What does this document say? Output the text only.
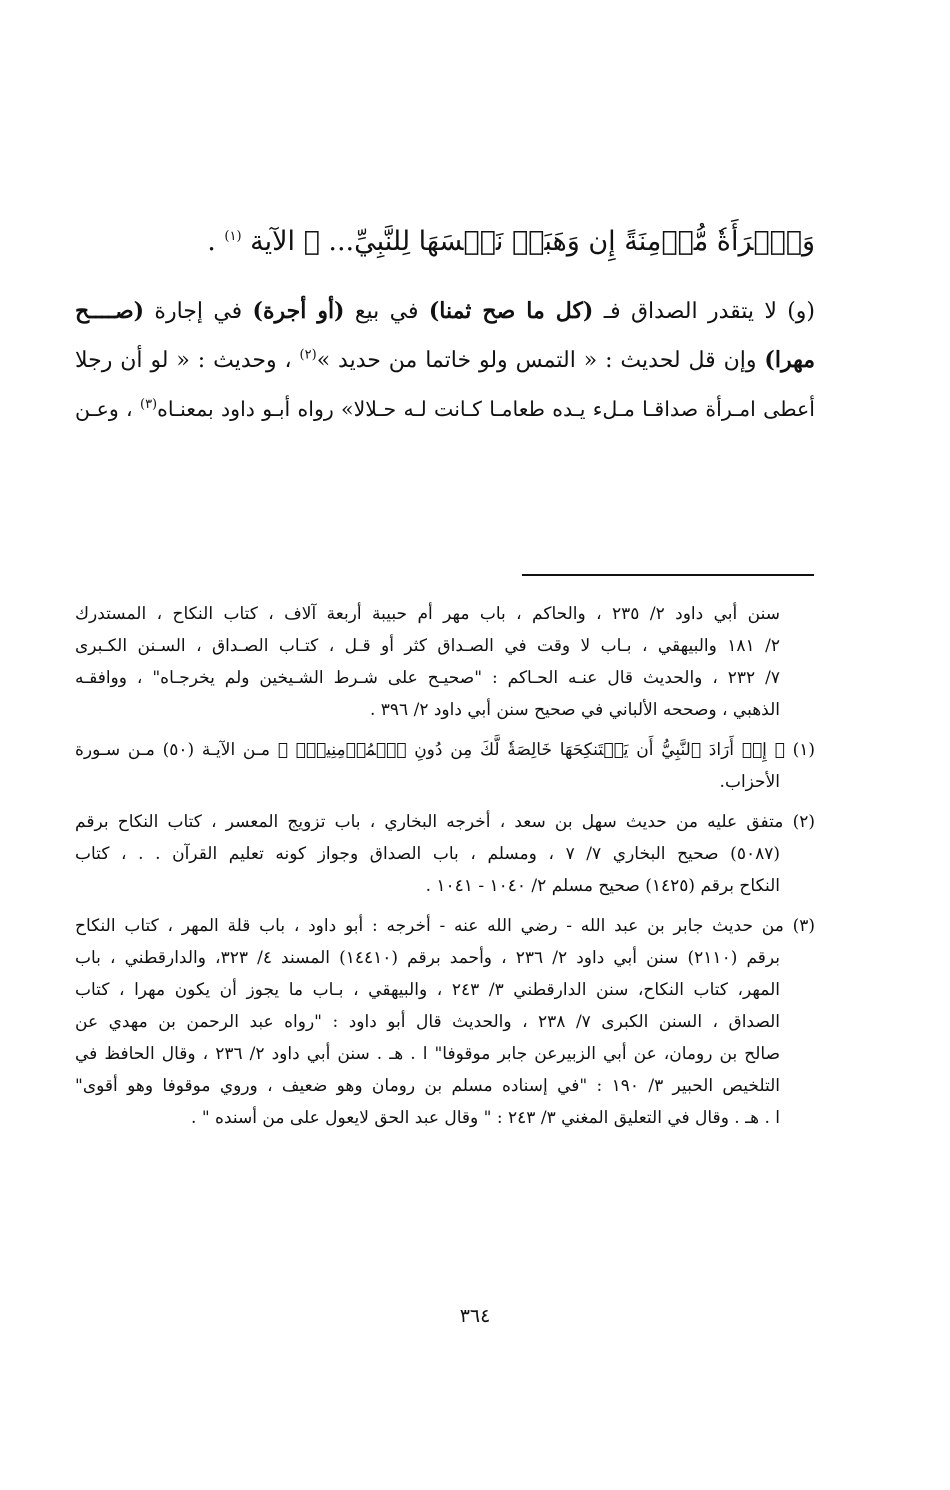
وَٱمۡرَأَةٗ مُّؤۡمِنَةً إِن وَهَبَتۡ نَفۡسَهَا لِلنَّبِيِّ... ﴾ الآية $^{(١)}$ .
(و) لا يتقدر الصداق فـ (كل ما صح ثمنا) في بيع (أو أجرة) في إجارة (صــــح
مهرا) وإن قل لحديث : « التمس ولو خاتما من حديد »$^{(٢)}$ ، وحديث : « لو أن رجلا
أعطى امـرأة صداقـا مـلء يـده طعامـا كـانت لـه حـلالا» رواه أبـو داود بمعنـاه$^{(٣)}$ ، وعـن
سنن أبي داود ٢/ ٢٣٥ ، والحاكم ، باب مهر أم حبيبة أربعة آلاف ، كتاب النكاح ، المستدرك
٢/ ١٨١ والبيهقي ، بـاب لا وقت في الصـداق كثر أو قـل ، كتـاب الصـداق ، السـنن الكـبرى
٧/ ٢٣٢ ، والحديث قال عنـه الحـاكم : "صحيـح على شـرط الشـيخين ولم يخرجـاه" ، ووافقـه
الذهبي ، وصححه الألباني في صحيح سنن أبي داود ٢/ ٣٩٦ .
(١) ﴿ إِنۡ أَرَادَ ٱلنَّبِيُّ أَن يَسۡتَنكِحَهَا خَالِصَةٗ لَّكَ مِن دُونِ ٱلۡمُؤۡمِنِينَۗ ﴾ مـن الآيـة (٥٠) مـن سـورة
الأحزاب.
(٢) متفق عليه من حديث سهل بن سعد ، أخرجه البخاري ، باب تزويج المعسر ، كتاب النكاح برقم
(٥٠٨٧) صحيح البخاري ٧/ ٧ ، ومسلم ، باب الصداق وجواز كونه تعليم القرآن . . ، كتاب
النكاح برقم (١٤٢٥) صحيح مسلم ٢/ ١٠٤٠ - ١٠٤١ .
(٣) من حديث جابر بن عبد الله - رضي الله عنه - أخرجه : أبو داود ، باب قلة المهر ، كتاب النكاح
برقم (٢١١٠) سنن أبي داود ٢/ ٢٣٦ ، وأحمد برقم (١٤٤١٠) المسند ٤/ ٣٢٣، والدارقطني ، باب
المهر، كتاب النكاح، سنن الدارقطني ٣/ ٢٤٣ ، والبيهقي ، بـاب ما يجوز أن يكون مهرا ، كتاب
الصداق ، السنن الكبرى ٧/ ٢٣٨ ، والحديث قال أبو داود : "رواه عبد الرحمن بن مهدي عن
صالح بن رومان، عن أبي الزبيرعن جابر موقوفا" ا . هـ . سنن أبي داود ٢/ ٢٣٦ ، وقال الحافظ في
التلخيص الحبير ٣/ ١٩٠ : "في إسناده مسلم بن رومان وهو ضعيف ، وروي موقوفا وهو أقوى"
ا . هـ . وقال في التعليق المغني ٣/ ٢٤٣ : " وقال عبد الحق لايعول على من أسنده " .
٣٦٤
